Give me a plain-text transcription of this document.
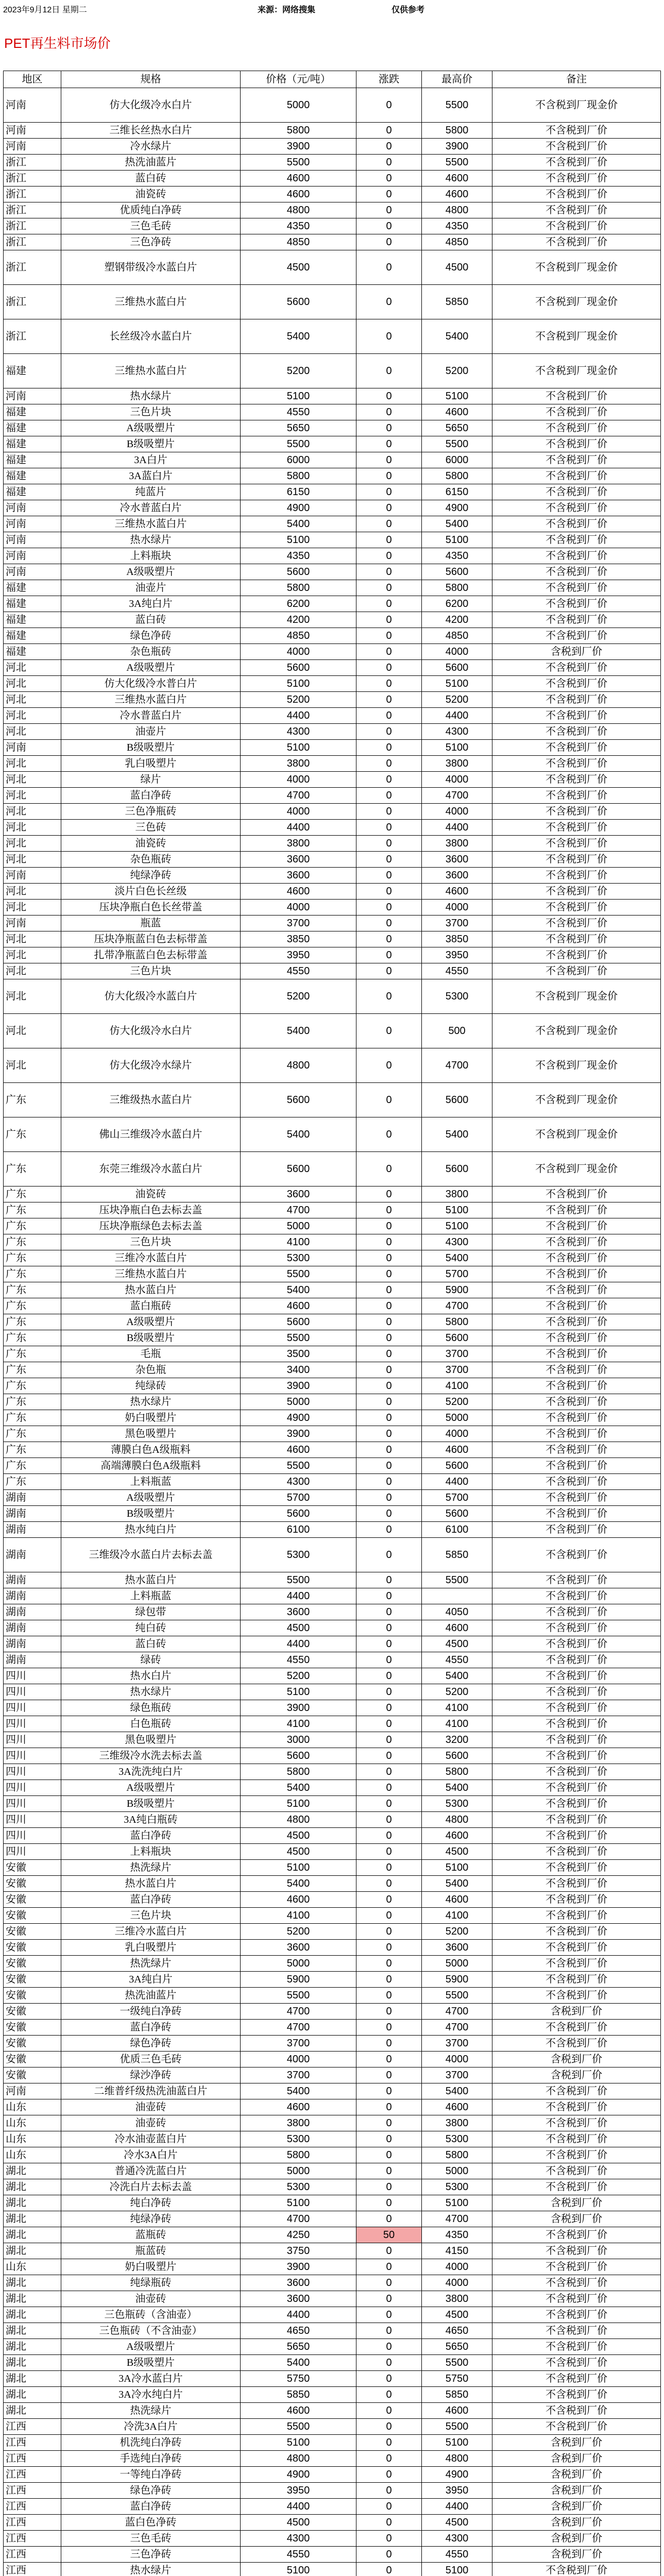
2023年9月12日 星期二	来源：网络搜集	仅供参考
PET再生料市场价
地区	规格	价格（元/吨）	涨跌	最高价	备注
河南	仿大化级冷水白片	5000	0	5500	不含税到厂现金价
河南	三维长丝热水白片	5800	0	5800	不含税到厂价
河南	冷水绿片	3900	0	3900	不含税到厂价
浙江	热洗油蓝片	5500	0	5500	不含税到厂价
浙江	蓝白砖	4600	0	4600	不含税到厂价
浙江	油瓷砖	4600	0	4600	不含税到厂价
浙江	优质纯白净砖	4800	0	4800	不含税到厂价
浙江	三色毛砖	4350	0	4350	不含税到厂价
浙江	三色净砖	4850	0	4850	不含税到厂价
浙江	塑钢带级冷水蓝白片	4500	0	4500	不含税到厂现金价
浙江	三维热水蓝白片	5600	0	5850	不含税到厂现金价
浙江	长丝级冷水蓝白片	5400	0	5400	不含税到厂现金价
福建	三维热水蓝白片	5200	0	5200	不含税到厂现金价
河南	热水绿片	5100	0	5100	不含税到厂价
福建	三色片块	4550	0	4600	不含税到厂价
福建	A级吸塑片	5650	0	5650	不含税到厂价
福建	B级吸塑片	5500	0	5500	不含税到厂价
福建	3A白片	6000	0	6000	不含税到厂价
福建	3A蓝白片	5800	0	5800	不含税到厂价
福建	纯蓝片	6150	0	6150	不含税到厂价
河南	冷水普蓝白片	4900	0	4900	不含税到厂价
河南	三维热水蓝白片	5400	0	5400	不含税到厂价
河南	热水绿片	5100	0	5100	不含税到厂价
河南	上料瓶块	4350	0	4350	不含税到厂价
河南	A级吸塑片	5600	0	5600	不含税到厂价
福建	油壶片	5800	0	5800	不含税到厂价
福建	3A纯白片	6200	0	6200	不含税到厂价
福建	蓝白砖	4200	0	4200	不含税到厂价
福建	绿色净砖	4850	0	4850	不含税到厂价
福建	杂色瓶砖	4000	0	4000	含税到厂价
河北	A级吸塑片	5600	0	5600	不含税到厂价
河北	仿大化级冷水普白片	5100	0	5100	不含税到厂价
河北	三维热水蓝白片	5200	0	5200	不含税到厂价
河北	冷水普蓝白片	4400	0	4400	不含税到厂价
河北	油壶片	4300	0	4300	不含税到厂价
河南	B级吸塑片	5100	0	5100	不含税到厂价
河北	乳白吸塑片	3800	0	3800	不含税到厂价
河北	绿片	4000	0	4000	不含税到厂价
河北	蓝白净砖	4700	0	4700	不含税到厂价
河北	三色净瓶砖	4000	0	4000	不含税到厂价
河北	三色砖	4400	0	4400	不含税到厂价
河北	油瓷砖	3800	0	3800	不含税到厂价
河北	杂色瓶砖	3600	0	3600	不含税到厂价
河南	纯绿净砖	3600	0	3600	不含税到厂价
河北	淡片白色长丝级	4600	0	4600	不含税到厂价
河北	压块净瓶白色长丝带盖	4000	0	4000	不含税到厂价
河南	瓶蓝	3700	0	3700	不含税到厂价
河北	压块净瓶蓝白色去标带盖	3850	0	3850	不含税到厂价
河北	扎带净瓶蓝白色去标带盖	3950	0	3950	不含税到厂价
河北	三色片块	4550	0	4550	不含税到厂价
河北	仿大化级冷水蓝白片	5200	0	5300	不含税到厂现金价
河北	仿大化级冷水白片	5400	0	500	不含税到厂现金价
河北	仿大化级冷水绿片	4800	0	4700	不含税到厂现金价
广东	三维级热水蓝白片	5600	0	5600	不含税到厂现金价
广东	佛山三维级冷水蓝白片	5400	0	5400	不含税到厂现金价
广东	东莞三维级冷水蓝白片	5600	0	5600	不含税到厂现金价
广东	油瓷砖	3600	0	3800	不含税到厂价
广东	压块净瓶白色去标去盖	4700	0	5100	不含税到厂价
广东	压块净瓶绿色去标去盖	5000	0	5100	不含税到厂价
广东	三色片块	4100	0	4300	不含税到厂价
广东	三维冷水蓝白片	5300	0	5400	不含税到厂价
广东	三维热水蓝白片	5500	0	5700	不含税到厂价
广东	热水蓝白片	5400	0	5900	不含税到厂价
广东	蓝白瓶砖	4600	0	4700	不含税到厂价
广东	A级吸塑片	5600	0	5800	不含税到厂价
广东	B级吸塑片	5500	0	5600	不含税到厂价
广东	毛瓶	3500	0	3700	不含税到厂价
广东	杂色瓶	3400	0	3700	不含税到厂价
广东	纯绿砖	3900	0	4100	不含税到厂价
广东	热水绿片	5000	0	5200	不含税到厂价
广东	奶白吸塑片	4900	0	5000	不含税到厂价
广东	黑色吸塑片	3900	0	4000	不含税到厂价
广东	薄膜白色A级瓶料	4600	0	4600	不含税到厂价
广东	高端薄膜白色A级瓶料	5500	0	5600	不含税到厂价
广东	上料瓶蓝	4300	0	4400	不含税到厂价
湖南	A级吸塑片	5700	0	5700	不含税到厂价
湖南	B级吸塑片	5600	0	5600	不含税到厂价
湖南	热水纯白片	6100	0	6100	不含税到厂价
湖南	三维级冷水蓝白片去标去盖	5300	0	5850	不含税到厂价
湖南	热水蓝白片	5500	0	5500	不含税到厂价
湖南	上料瓶蓝	4400	0		不含税到厂价
湖南	绿包带	3600	0	4050	不含税到厂价
湖南	纯白砖	4500	0	4600	不含税到厂价
湖南	蓝白砖	4400	0	4500	不含税到厂价
湖南	绿砖	4550	0	4550	不含税到厂价
四川	热水白片	5200	0	5400	不含税到厂价
四川	热水绿片	5100	0	5200	不含税到厂价
四川	绿色瓶砖	3900	0	4100	不含税到厂价
四川	白色瓶砖	4100	0	4100	不含税到厂价
四川	黑色吸塑片	3000	0	3200	不含税到厂价
四川	三维级冷水洗去标去盖	5600	0	5600	不含税到厂价
四川	3A洗洗纯白片	5800	0	5800	不含税到厂价
四川	A级吸塑片	5400	0	5400	不含税到厂价
四川	B级吸塑片	5100	0	5300	不含税到厂价
四川	3A纯白瓶砖	4800	0	4800	不含税到厂价
四川	蓝白净砖	4500	0	4600	不含税到厂价
四川	上料瓶块	4500	0	4500	不含税到厂价
安徽	热洗绿片	5100	0	5100	不含税到厂价
安徽	热水蓝白片	5400	0	5400	不含税到厂价
安徽	蓝白净砖	4600	0	4600	不含税到厂价
安徽	三色片块	4100	0	4100	不含税到厂价
安徽	三维冷水蓝白片	5200	0	5200	不含税到厂价
安徽	乳白吸塑片	3600	0	3600	不含税到厂价
安徽	热洗绿片	5000	0	5000	不含税到厂价
安徽	3A纯白片	5900	0	5900	不含税到厂价
安徽	热洗油蓝片	5500	0	5500	不含税到厂价
安徽	一级纯白净砖	4700	0	4700	含税到厂价
安徽	蓝白净砖	4700	0	4700	不含税到厂价
安徽	绿色净砖	3700	0	3700	不含税到厂价
安徽	优质三色毛砖	4000	0	4000	含税到厂价
安徽	绿沙净砖	3700	0	3700	含税到厂价
河南	二维普纤级热洗油蓝白片	5400	0	5400	不含税到厂价
山东	油壶砖	4600	0	4600	不含税到厂价
山东	油壶砖	3800	0	3800	不含税到厂价
山东	冷水油壶蓝白片	5300	0	5300	不含税到厂价
山东	冷水3A白片	5800	0	5800	不含税到厂价
湖北	普通冷洗蓝白片	5000	0	5000	不含税到厂价
湖北	冷洗白片去标去盖	5300	0	5300	不含税到厂价
湖北	纯白净砖	5100	0	5100	含税到厂价
湖北	纯绿净砖	4700	0	4700	含税到厂价
湖北	蓝瓶砖	4250	50	4350	不含税到厂价
湖北	瓶蓝砖	3750	0	4150	不含税到厂价
山东	奶白吸塑片	3900	0	4000	不含税到厂价
湖北	纯绿瓶砖	3600	0	4000	不含税到厂价
湖北	油壶砖	3600	0	3800	不含税到厂价
湖北	三色瓶砖（含油壶）	4400	0	4500	不含税到厂价
湖北	三色瓶砖（不含油壶）	4650	0	4650	不含税到厂价
湖北	A级吸塑片	5650	0	5650	不含税到厂价
湖北	B级吸塑片	5400	0	5500	不含税到厂价
湖北	3A冷水蓝白片	5750	0	5750	不含税到厂价
湖北	3A冷水纯白片	5850	0	5850	不含税到厂价
湖北	热洗绿片	4600	0	4600	不含税到厂价
江西	冷洗3A白片	5500	0	5500	不含税到厂价
江西	机洗纯白净砖	5100	0	5100	含税到厂价
江西	手选纯白净砖	4800	0	4800	含税到厂价
江西	一等纯白净砖	4900	0	4900	含税到厂价
江西	绿色净砖	3950	0	3950	含税到厂价
江西	蓝白净砖	4400	0	4400	含税到厂价
江西	蓝白色净砖	4500	0	4500	含税到厂价
江西	三色毛砖	4300	0	4300	含税到厂价
江西	三色净砖	4550	0	4550	含税到厂价
江西	热水绿片	5100	0	5100	不含税到厂价
